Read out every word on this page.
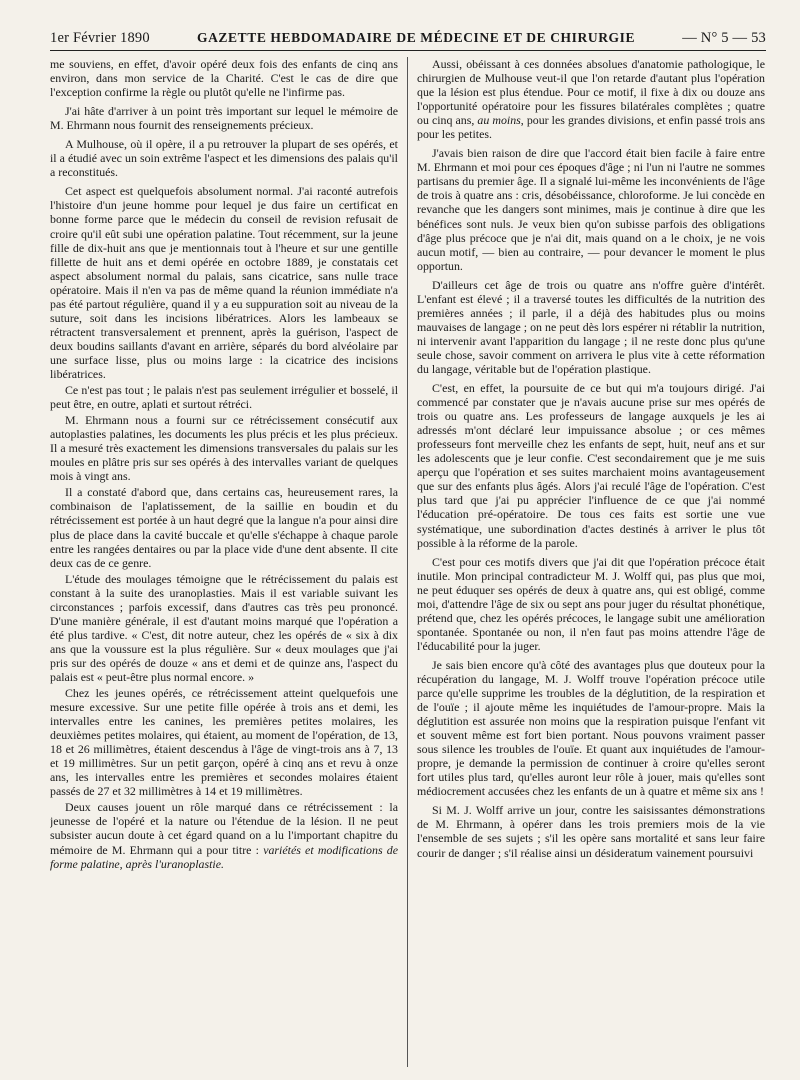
1er Février 1890	GAZETTE HEBDOMADAIRE DE MÉDECINE ET DE CHIRURGIE	— N° 5 — 53

me souviens, en effet, d'avoir opéré deux fois des enfants de cinq ans environ, dans mon service de la Charité. C'est le cas de dire que l'exception confirme la règle ou plutôt qu'elle ne l'infirme pas.

J'ai hâte d'arriver à un point très important sur lequel le mémoire de M. Ehrmann nous fournit des renseignements précieux.

A Mulhouse, où il opère, il a pu retrouver la plupart de ses opérés, et il a étudié avec un soin extrême l'aspect et les dimensions des palais qu'il a reconstitués.

Cet aspect est quelquefois absolument normal. J'ai raconté autrefois l'histoire d'un jeune homme pour lequel je dus faire un certificat en bonne forme parce que le médecin du conseil de revision refusait de croire qu'il eût subi une opération palatine. Tout récemment, sur la jeune fille de dix-huit ans que je mentionnais tout à l'heure et sur une gentille fillette de huit ans et demi opérée en octobre 1889, je constatais cet aspect absolument normal du palais, sans cicatrice, sans nulle trace opératoire. Mais il n'en va pas de même quand la réunion immédiate n'a pas été partout régulière, quand il y a eu suppuration soit au niveau de la suture, soit dans les incisions libératrices. Alors les lambeaux se rétractent transversalement et prennent, après la guérison, l'aspect de deux boudins saillants d'avant en arrière, séparés du bord alvéolaire par une surface lisse, plus ou moins large : la cicatrice des incisions libératrices.

Ce n'est pas tout ; le palais n'est pas seulement irrégulier et bosselé, il peut être, en outre, aplati et surtout rétréci.

M. Ehrmann nous a fourni sur ce rétrécissement consécutif aux autoplasties palatines, les documents les plus précis et les plus précieux. Il a mesuré très exactement les dimensions transversales du palais sur les moules en plâtre pris sur ses opérés à des intervalles variant de quelques mois à vingt ans.

Il a constaté d'abord que, dans certains cas, heureusement rares, la combinaison de l'aplatissement, de la saillie en boudin et du rétrécissement est portée à un haut degré que la langue n'a pour ainsi dire plus de place dans la cavité buccale et qu'elle s'échappe à chaque parole entre les rangées dentaires ou par la place vide d'une dent absente. Il cite deux cas de ce genre.

L'étude des moulages témoigne que le rétrécissement du palais est constant à la suite des uranoplasties. Mais il est variable suivant les circonstances ; parfois excessif, dans d'autres cas très peu prononcé. D'une manière générale, il est d'autant moins marqué que l'opération a été plus tardive. « C'est, dit notre auteur, chez les opérés de « six à dix ans que la voussure est la plus régulière. Sur « deux moulages que j'ai pris sur des opérés de douze « ans et demi et de quinze ans, l'aspect du palais est « peut-être plus normal encore. »

Chez les jeunes opérés, ce rétrécissement atteint quelquefois une mesure excessive. Sur une petite fille opérée à trois ans et demi, les intervalles entre les canines, les premières petites molaires, les deuxièmes petites molaires, qui étaient, au moment de l'opération, de 13, 18 et 26 millimètres, étaient descendus à l'âge de vingt-trois ans à 7, 13 et 19 millimètres. Sur un petit garçon, opéré à cinq ans et revu à onze ans, les intervalles entre les premières et secondes molaires étaient passés de 27 et 32 millimètres à 14 et 19 millimètres.

Deux causes jouent un rôle marqué dans ce rétrécissement : la jeunesse de l'opéré et la nature ou l'étendue de la lésion. Il ne peut subsister aucun doute à cet égard quand on a lu l'important chapitre du mémoire de M. Ehrmann qui a pour titre : variétés et modifications de forme palatine, après l'uranoplastie.

Aussi, obéissant à ces données absolues d'anatomie pathologique, le chirurgien de Mulhouse veut-il que l'on retarde d'autant plus l'opération que la lésion est plus étendue. Pour ce motif, il fixe à dix ou douze ans l'opportunité opératoire pour les fissures bilatérales complètes ; quatre ou cinq ans, au moins, pour les grandes divisions, et enfin passé trois ans pour les petites.

J'avais bien raison de dire que l'accord était bien facile à faire entre M. Ehrmann et moi pour ces époques d'âge ; ni l'un ni l'autre ne sommes partisans du premier âge. Il a signalé lui-même les inconvénients de l'âge de trois à quatre ans : cris, désobéissance, chloroforme. Je lui concède en revanche que les dangers sont minimes, mais je continue à dire que les bénéfices sont nuls. Je veux bien qu'on subisse parfois des obligations d'âge plus précoce que je n'ai dit, mais quand on a le choix, je ne vois aucun motif, — bien au contraire, — pour devancer le moment le plus opportun.

D'ailleurs cet âge de trois ou quatre ans n'offre guère d'intérêt. L'enfant est élevé ; il a traversé toutes les difficultés de la nutrition des premières années ; il parle, il a déjà des habitudes plus ou moins mauvaises de langage ; on ne peut dès lors espérer ni rétablir la nutrition, ni intervenir avant l'apparition du langage ; il ne reste donc plus qu'une seule chose, savoir comment on arrivera le plus vite à cette réformation du langage, véritable but de l'opération plastique.

C'est, en effet, la poursuite de ce but qui m'a toujours dirigé. J'ai commencé par constater que je n'avais aucune prise sur mes opérés de trois ou quatre ans. Les professeurs de langage auxquels je les ai adressés m'ont déclaré leur impuissance absolue ; or ces mêmes professeurs font merveille chez les enfants de sept, huit, neuf ans et sur les adolescents que je leur confie. C'est secondairement que je me suis aperçu que l'opération et ses suites marchaient moins avantageusement que sur des enfants plus âgés. Alors j'ai reculé l'âge de l'opération. C'est plus tard que j'ai pu apprécier l'influence de ce que j'ai nommé l'éducation pré-opératoire. De tous ces faits est sortie une vue systématique, une subordination d'actes destinés à arriver le plus tôt possible à la réforme de la parole.

C'est pour ces motifs divers que j'ai dit que l'opération précoce était inutile. Mon principal contradicteur M. J. Wolff qui, pas plus que moi, ne peut éduquer ses opérés de deux à quatre ans, qui est obligé, comme moi, d'attendre l'âge de six ou sept ans pour juger du résultat phonétique, prétend que, chez les opérés précoces, le langage subit une amélioration spontanée. Spontanée ou non, il n'en faut pas moins attendre l'âge de l'éducabilité pour la juger.

Je sais bien encore qu'à côté des avantages plus que douteux pour la récupération du langage, M. J. Wolff trouve l'opération précoce utile parce qu'elle supprime les troubles de la déglutition, de la respiration et de l'ouïe ; il ajoute même les inquiétudes de l'amour-propre. Mais la déglutition est assurée non moins que la respiration puisque l'enfant vit et souvent même est fort bien portant. Nous pouvons vraiment passer sous silence les troubles de l'ouïe. Et quant aux inquiétudes de l'amour-propre, je demande la permission de continuer à croire qu'elles seront fort utiles plus tard, qu'elles auront leur rôle à jouer, mais qu'elles sont médiocrement accusées chez les enfants de un à quatre et même six ans !

Si M. J. Wolff arrive un jour, contre les saisissantes démonstrations de M. Ehrmann, à opérer dans les trois premiers mois de la vie l'ensemble de ses sujets ; s'il les opère sans mortalité et sans leur faire courir de danger ; s'il réalise ainsi un désideratum vainement poursuivi
